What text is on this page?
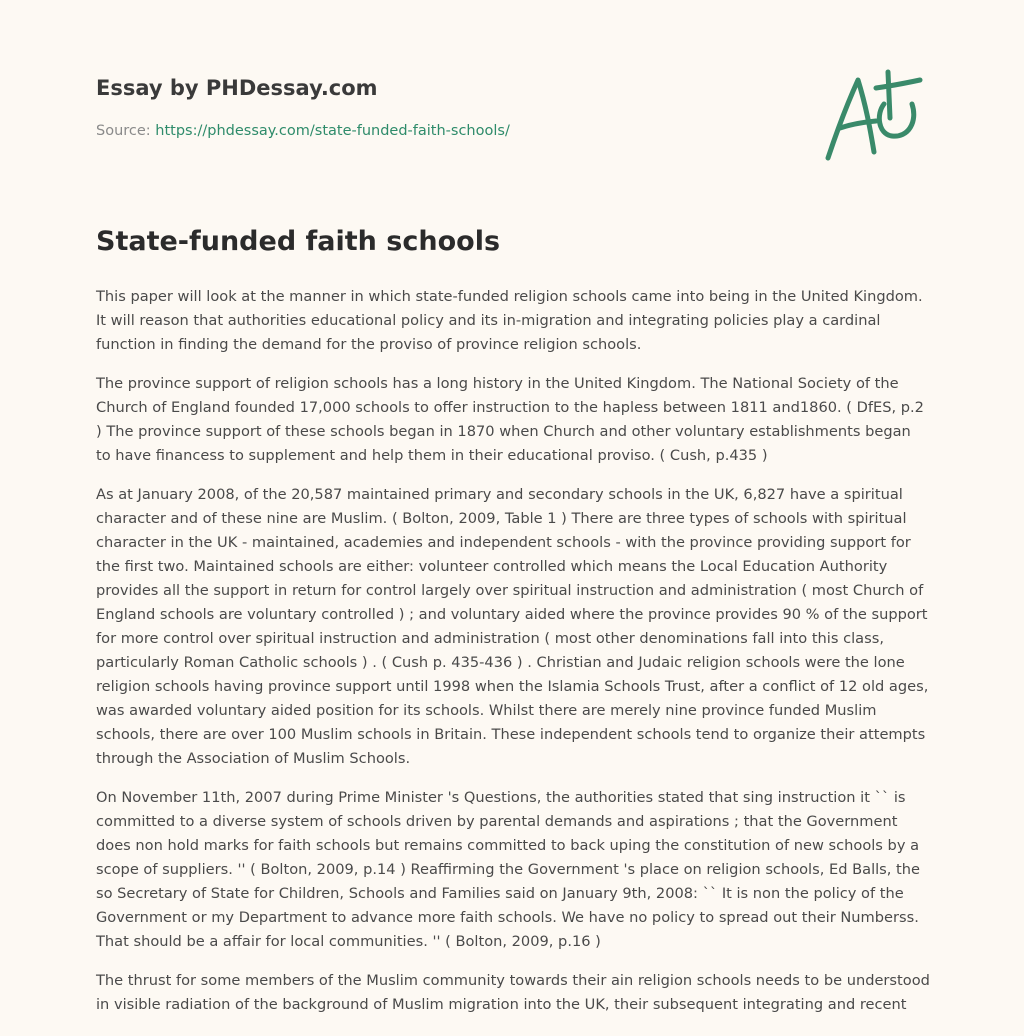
Essay by PHDessay.com
Source: https://phdessay.com/state-funded-faith-schools/
State-funded faith schools

This paper will look at the manner in which state-funded religion schools came into being in the United Kingdom. It will reason that authorities educational policy and its in-migration and integrating policies play a cardinal function in finding the demand for the proviso of province religion schools.

The province support of religion schools has a long history in the United Kingdom. The National Society of the Church of England founded 17,000 schools to offer instruction to the hapless between 1811 and1860. ( DfES, p.2 ) The province support of these schools began in 1870 when Church and other voluntary establishments began to have financess to supplement and help them in their educational proviso. ( Cush, p.435 )

As at January 2008, of the 20,587 maintained primary and secondary schools in the UK, 6,827 have a spiritual character and of these nine are Muslim. ( Bolton, 2009, Table 1 ) There are three types of schools with spiritual character in the UK - maintained, academies and independent schools - with the province providing support for the first two. Maintained schools are either: volunteer controlled which means the Local Education Authority provides all the support in return for control largely over spiritual instruction and administration ( most Church of England schools are voluntary controlled ) ; and voluntary aided where the province provides 90 % of the support for more control over spiritual instruction and administration ( most other denominations fall into this class, particularly Roman Catholic schools ) . ( Cush p. 435-436 ) . Christian and Judaic religion schools were the lone religion schools having province support until 1998 when the Islamia Schools Trust, after a conflict of 12 old ages, was awarded voluntary aided position for its schools. Whilst there are merely nine province funded Muslim schools, there are over 100 Muslim schools in Britain. These independent schools tend to organize their attempts through the Association of Muslim Schools.

On November 11th, 2007 during Prime Minister 's Questions, the authorities stated that sing instruction it `` is committed to a diverse system of schools driven by parental demands and aspirations ; that the Government does non hold marks for faith schools but remains committed to back uping the constitution of new schools by a scope of suppliers. '' ( Bolton, 2009, p.14 ) Reaffirming the Government 's place on religion schools, Ed Balls, the so Secretary of State for Children, Schools and Families said on January 9th, 2008: `` It is non the policy of the Government or my Department to advance more faith schools. We have no policy to spread out their Numberss. That should be a affair for local communities. '' ( Bolton, 2009, p.16 )

The thrust for some members of the Muslim community towards their ain religion schools needs to be understood in visible radiation of the background of Muslim migration into the UK, their subsequent integrating and recent
